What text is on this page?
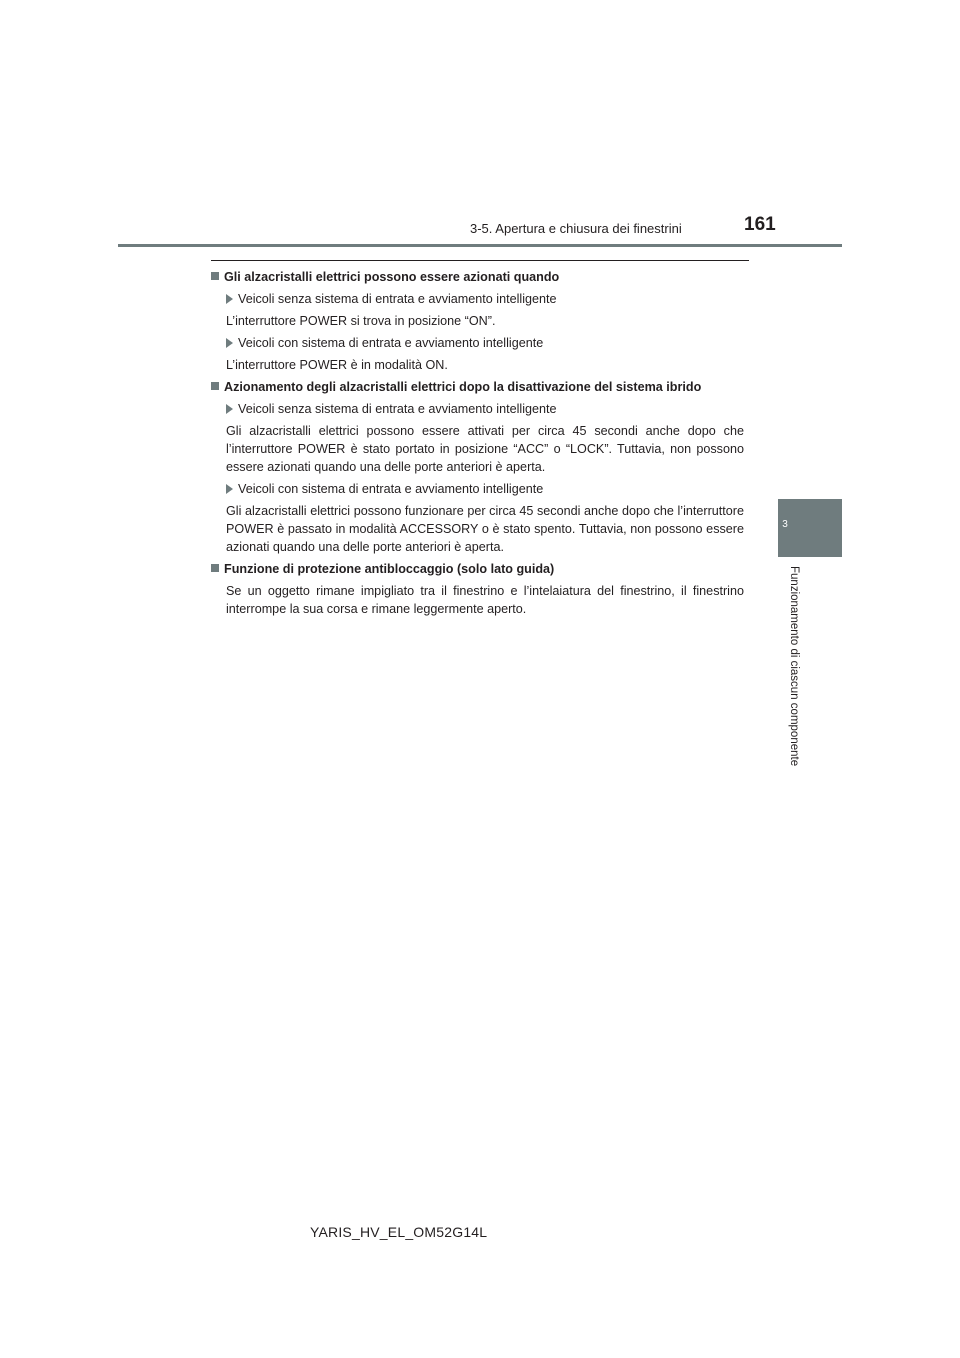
3-5. Apertura e chiusura dei finestrini	161
3
Funzionamento di ciascun componente
Gli alzacristalli elettrici possono essere azionati quando
Veicoli senza sistema di entrata e avviamento intelligente

L’interruttore POWER si trova in posizione “ON”.

Veicoli con sistema di entrata e avviamento intelligente

L’interruttore POWER è in modalità ON.

Azionamento degli alzacristalli elettrici dopo la disattivazione del sistema ibrido
Veicoli senza sistema di entrata e avviamento intelligente

Gli alzacristalli elettrici possono essere attivati per circa 45 secondi anche dopo che l’interruttore POWER è stato portato in posizione “ACC” o “LOCK”. Tuttavia, non possono essere azionati quando una delle porte anteriori è aperta.

Veicoli con sistema di entrata e avviamento intelligente

Gli alzacristalli elettrici possono funzionare per circa 45 secondi anche dopo che l’interruttore POWER è passato in modalità ACCESSORY o è stato spento. Tuttavia, non possono essere azionati quando una delle porte anteriori è aperta.

Funzione di protezione antibloccaggio (solo lato guida)

Se un oggetto rimane impigliato tra il finestrino e l’intelaiatura del finestrino, il finestrino interrompe la sua corsa e rimane leggermente aperto.

YARIS_HV_EL_OM52G14L
